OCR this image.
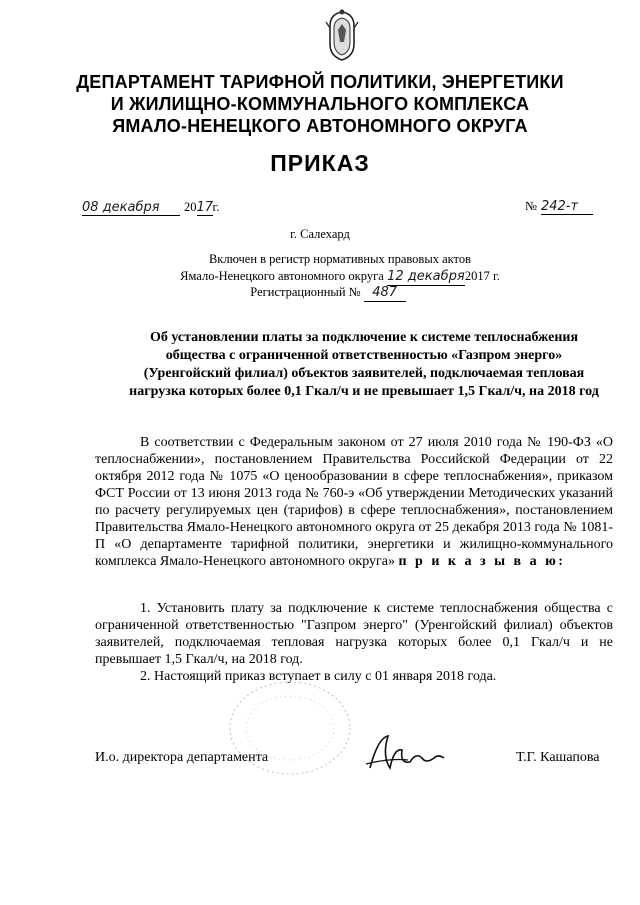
ДЕПАРТАМЕНТ ТАРИФНОЙ ПОЛИТИКИ, ЭНЕРГЕТИКИ
И ЖИЛИЩНО-КОММУНАЛЬНОГО КОМПЛЕКСА
ЯМАЛО-НЕНЕЦКОГО АВТОНОМНОГО ОКРУГА
ПРИКАЗ
08 декабря 2017г.	№ 242-т
г. Салехард
Включен в регистр нормативных правовых актов
Ямало-Ненецкого автономного округа 12 декабря2017 г.
Регистрационный № 487
Об установлении платы за подключение к системе теплоснабжения
общества с ограниченной ответственностью «Газпром энерго»
(Уренгойский филиал) объектов заявителей, подключаемая тепловая
нагрузка которых более 0,1 Гкал/ч и не превышает 1,5 Гкал/ч, на 2018 год

В соответствии с Федеральным законом от 27 июля 2010 года № 190-ФЗ «О теплоснабжении», постановлением Правительства Российской Федерации от 22 октября 2012 года № 1075 «О ценообразовании в сфере теплоснабжения», приказом ФСТ России от 13 июня 2013 года № 760-э «Об утверждении Методических указаний по расчету регулируемых цен (тарифов) в сфере теплоснабжения», постановлением Правительства Ямало-Ненецкого автономного округа от 25 декабря 2013 года № 1081-П «О департаменте тарифной политики, энергетики и жилищно-коммунального комплекса Ямало-Ненецкого автономного округа» п р и к а з ы в а ю:

1. Установить плату за подключение к системе теплоснабжения общества с ограниченной ответственностью "Газпром энерго" (Уренгойский филиал) объектов заявителей, подключаемая тепловая нагрузка которых более 0,1 Гкал/ч и не превышает 1,5 Гкал/ч, на 2018 год.

2. Настоящий приказ вступает в силу с 01 января 2018 года.

И.о. директора департамента	Т.Г. Кашапова
